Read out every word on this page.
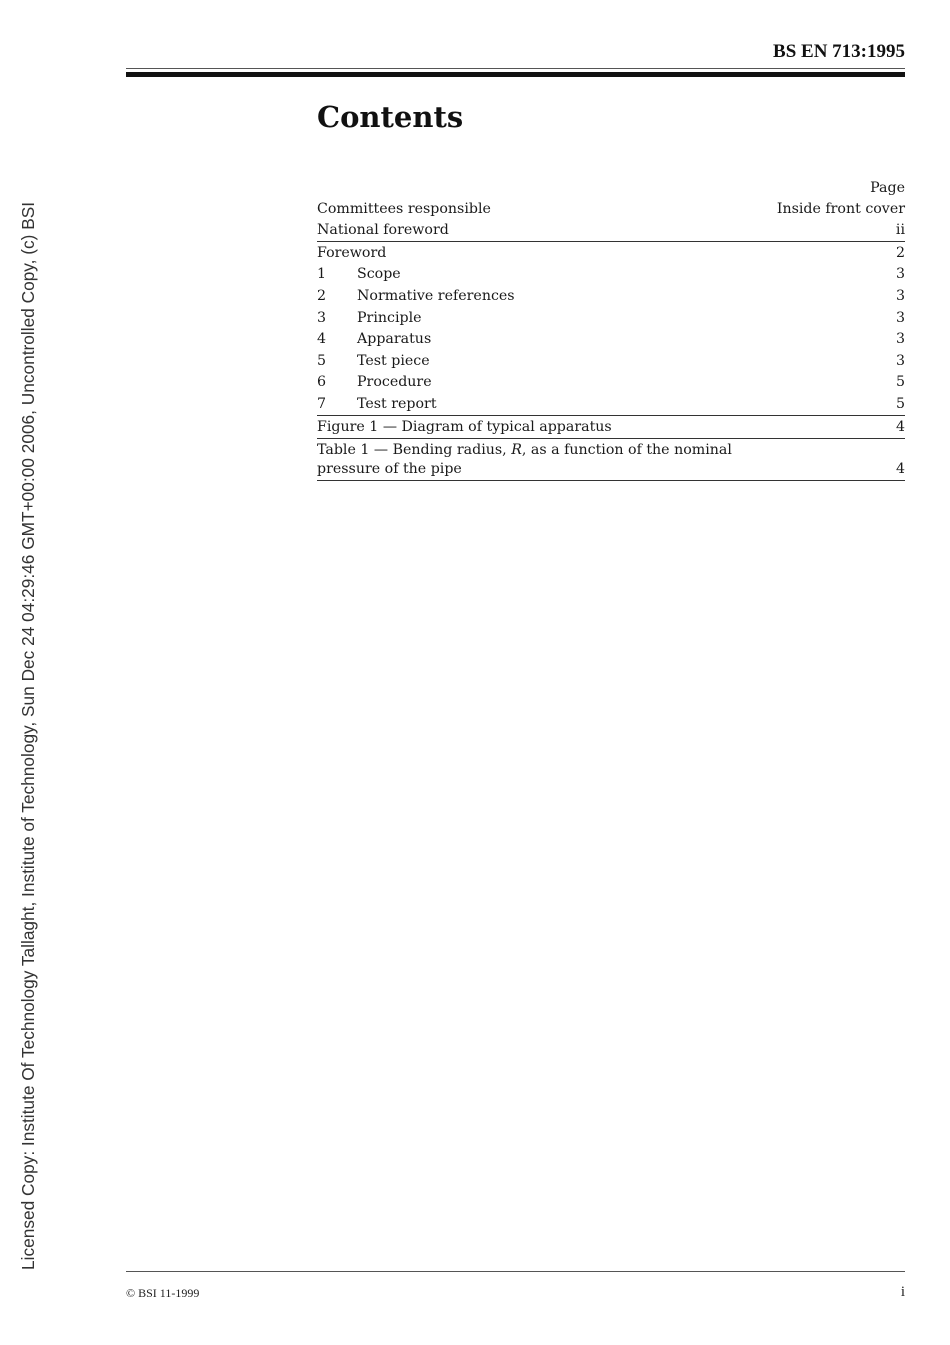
Licensed Copy: Institute Of Technology Tallaght, Institute of Technology, Sun Dec 24 04:29:46 GMT+00:00 2006, Uncontrolled Copy, (c) BSI
BS EN 713:1995
Contents
Page
Committees responsible	Inside front cover
National foreword	ii
Foreword	2
1	Scope	3
2	Normative references	3
3	Principle	3
4	Apparatus	3
5	Test piece	3
6	Procedure	5
7	Test report	5
Figure 1 — Diagram of typical apparatus	4
Table 1 — Bending radius, R, as a function of the nominal pressure of the pipe	4
© BSI 11-1999	i
